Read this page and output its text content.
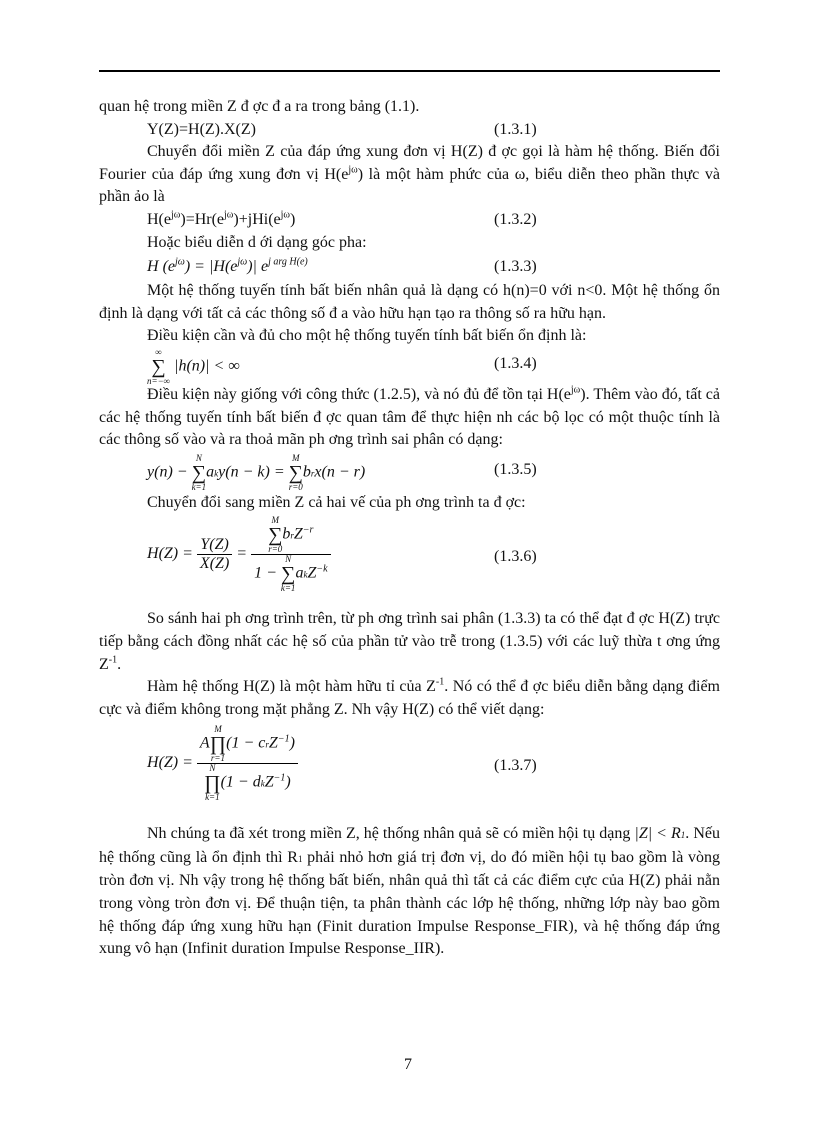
quan hệ trong miền Z đ ợc đ a ra trong bảng (1.1).

Y(Z)=H(Z).X(Z)	(1.3.1)

Chuyển đổi miền Z của đáp ứng xung đơn vị H(Z) đ ợc gọi là hàm hệ thống. Biến đổi Fourier của đáp ứng xung đơn vị $H(e^{j\omega})$ là một hàm phức của ω, biểu diễn theo phần thực và phần ảo là

$H(e^{j\omega})=Hr(e^{j\omega})+jHi(e^{j\omega})$	(1.3.2)

Hoặc biểu diễn d ới dạng góc pha:

H $(e^{j\omega}) = |H(e^{j\omega})|$ $e^{j arg H(e)}$	(1.3.3)

Một hệ thống tuyến tính bất biến nhân quả là dạng có h(n)=0 với n<0. Một hệ thống ổn định là dạng với tất cả các thông số đ a vào hữu hạn tạo ra thông số ra hữu hạn.

Điều kiện cần và đủ cho một hệ thống tuyến tính bất biến ổn định là:

∞
∑
n=−∞
|h(n)| < ∞	(1.3.4)

Điều kiện này giống với công thức (1.2.5), và nó đủ để tồn tại $H(e^{j\omega})$. Thêm vào đó, tất cả các hệ thống tuyến tính bất biến đ ợc quan tâm để thực hiện nh các bộ lọc có một thuộc tính là các thông số vào và ra thoả mãn ph ơng trình sai phân có dạng:

y(n) −
N
∑
k=1
aky(n − k) =
M
∑
r=0
brx(n − r)	(1.3.5)

Chuyển đổi sang miền Z cả hai vế của ph ơng trình ta đ ợc:

$H(Z) = \frac{Y(Z)}{X(Z)} = M$
∑
r=0
brZ$^{-r}$
1 −
N
∑
k=1
akZ$^{-k}$	(1.3.6)

So sánh hai ph ơng trình trên, từ ph ơng trình sai phân (1.3.3) ta có thể đạt đ ợc H(Z) trực tiếp bằng cách đồng nhất các hệ số của phần tử vào trễ trong (1.3.5) với các luỹ thừa t ơng ứng $Z^{-1}$.

Hàm hệ thống H(Z) là một hàm hữu tỉ của $Z^{-1}$. Nó có thể đ ợc biểu diễn bằng dạng điểm cực và điểm không trong mặt phẳng Z. Nh vậy H(Z) có thể viết dạng:

H(Z) = A
M
∏
r=1
(1 − crZ$^{-1}$)
N
∏
k=1
(1 − dkZ$^{-1}$)	(1.3.7)

Nh chúng ta đã xét trong miền Z, hệ thống nhân quả sẽ có miền hội tụ dạng |Z| < R1. Nếu hệ thống cũng là ổn định thì R1 phải nhỏ hơn giá trị đơn vị, do đó miền hội tụ bao gồm là vòng tròn đơn vị. Nh vậy trong hệ thống bất biến, nhân quả thì tất cả các điểm cực của H(Z) phải nằn trong vòng tròn đơn vị. Để thuận tiện, ta phân thành các lớp hệ thống, những lớp này bao gồm hệ thống đáp ứng xung hữu hạn (Finit duration Impulse Response_FIR), và hệ thống đáp ứng xung vô hạn (Infinit duration Impulse Response_IIR).

7
